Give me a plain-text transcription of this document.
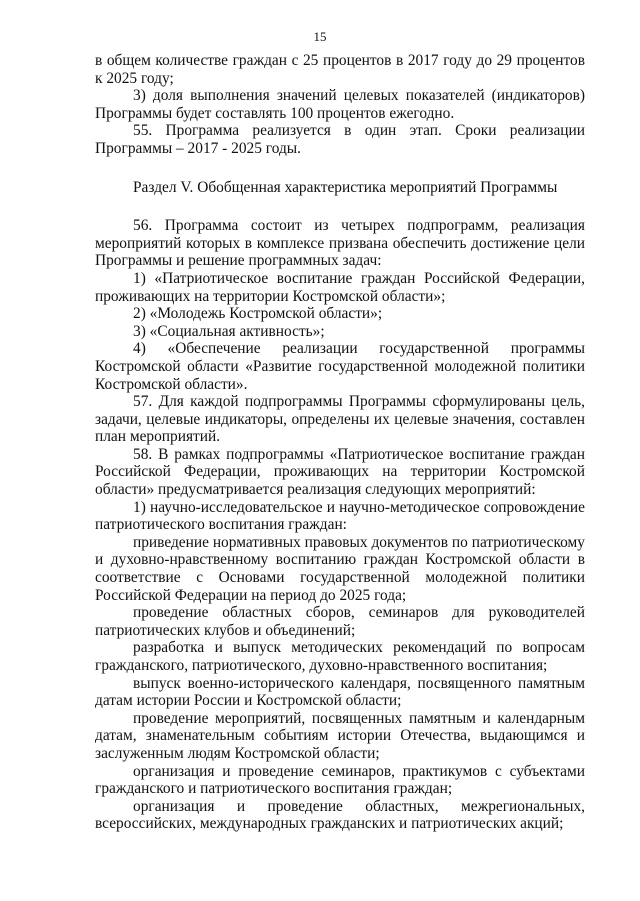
15

в общем количестве граждан с 25 процентов в 2017 году до 29 процентов к 2025 году;

3) доля выполнения значений целевых показателей (индикаторов) Программы будет составлять 100 процентов ежегодно.

55. Программа реализуется в один этап. Сроки реализации Программы – 2017 - 2025 годы.

Раздел V. Обобщенная характеристика мероприятий Программы

56. Программа состоит из четырех подпрограмм, реализация мероприятий которых в комплексе призвана обеспечить достижение цели Программы и решение программных задач:

1) «Патриотическое воспитание граждан Российской Федерации, проживающих на территории Костромской области»;

2) «Молодежь Костромской области»;

3) «Социальная активность»;

4) «Обеспечение реализации государственной программы Костромской области «Развитие государственной молодежной политики Костромской области».

57. Для каждой подпрограммы Программы сформулированы цель, задачи, целевые индикаторы, определены их целевые значения, составлен план мероприятий.

58. В рамках подпрограммы «Патриотическое воспитание граждан Российской Федерации, проживающих на территории Костромской области» предусматривается реализация следующих мероприятий:

1) научно-исследовательское и научно-методическое сопровождение патриотического воспитания граждан:

приведение нормативных правовых документов по патриотическому и духовно-нравственному воспитанию граждан Костромской области в соответствие с Основами государственной молодежной политики Российской Федерации на период до 2025 года;

проведение областных сборов, семинаров для руководителей патриотических клубов и объединений;

разработка и выпуск методических рекомендаций по вопросам гражданского, патриотического, духовно-нравственного воспитания;

выпуск военно-исторического календаря, посвященного памятным датам истории России и Костромской области;

проведение мероприятий, посвященных памятным и календарным датам, знаменательным событиям истории Отечества, выдающимся и заслуженным людям Костромской области;

организация и проведение семинаров, практикумов с субъектами гражданского и патриотического воспитания граждан;

организация и проведение областных, межрегиональных, всероссийских, международных гражданских и патриотических акций;
